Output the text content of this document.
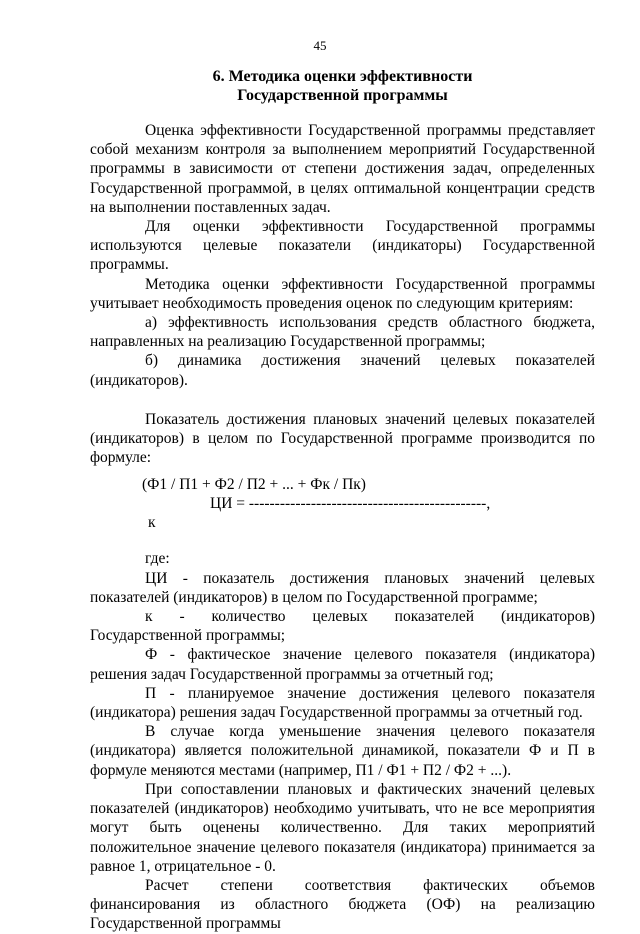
45
6. Методика оценки эффективности
Государственной программы

Оценка эффективности Государственной программы представляет собой механизм контроля за выполнением мероприятий Государственной программы в зависимости от степени достижения задач, определенных Государственной программой, в целях оптимальной концентрации средств на выполнении поставленных задач.

Для оценки эффективности Государственной программы используются целевые показатели (индикаторы) Государственной программы.

Методика оценки эффективности Государственной программы учитывает необходимость проведения оценок по следующим критериям:

а) эффективность использования средств областного бюджета, направленных на реализацию Государственной программы;

б) динамика достижения значений целевых показателей (индикаторов).

Показатель достижения плановых значений целевых показателей (индикаторов) в целом по Государственной программе производится по формуле:

(Ф1 / П1 + Ф2 / П2 + ... + Фк / Пк)
ЦИ = ----------------------------------------------,
к

где:

ЦИ - показатель достижения плановых значений целевых показателей (индикаторов) в целом по Государственной программе;

к - количество целевых показателей (индикаторов) Государственной программы;

Ф - фактическое значение целевого показателя (индикатора) решения задач Государственной программы за отчетный год;

П - планируемое значение достижения целевого показателя (индикатора) решения задач Государственной программы за отчетный год.

В случае когда уменьшение значения целевого показателя (индикатора) является положительной динамикой, показатели Ф и П в формуле меняются местами (например, П1 / Ф1 + П2 / Ф2 + ...).

При сопоставлении плановых и фактических значений целевых показателей (индикаторов) необходимо учитывать, что не все мероприятия могут быть оценены количественно. Для таких мероприятий положительное значение целевого показателя (индикатора) принимается за равное 1, отрицательное - 0.

Расчет степени соответствия фактических объемов финансирования из областного бюджета (ОФ) на реализацию Государственной программы
